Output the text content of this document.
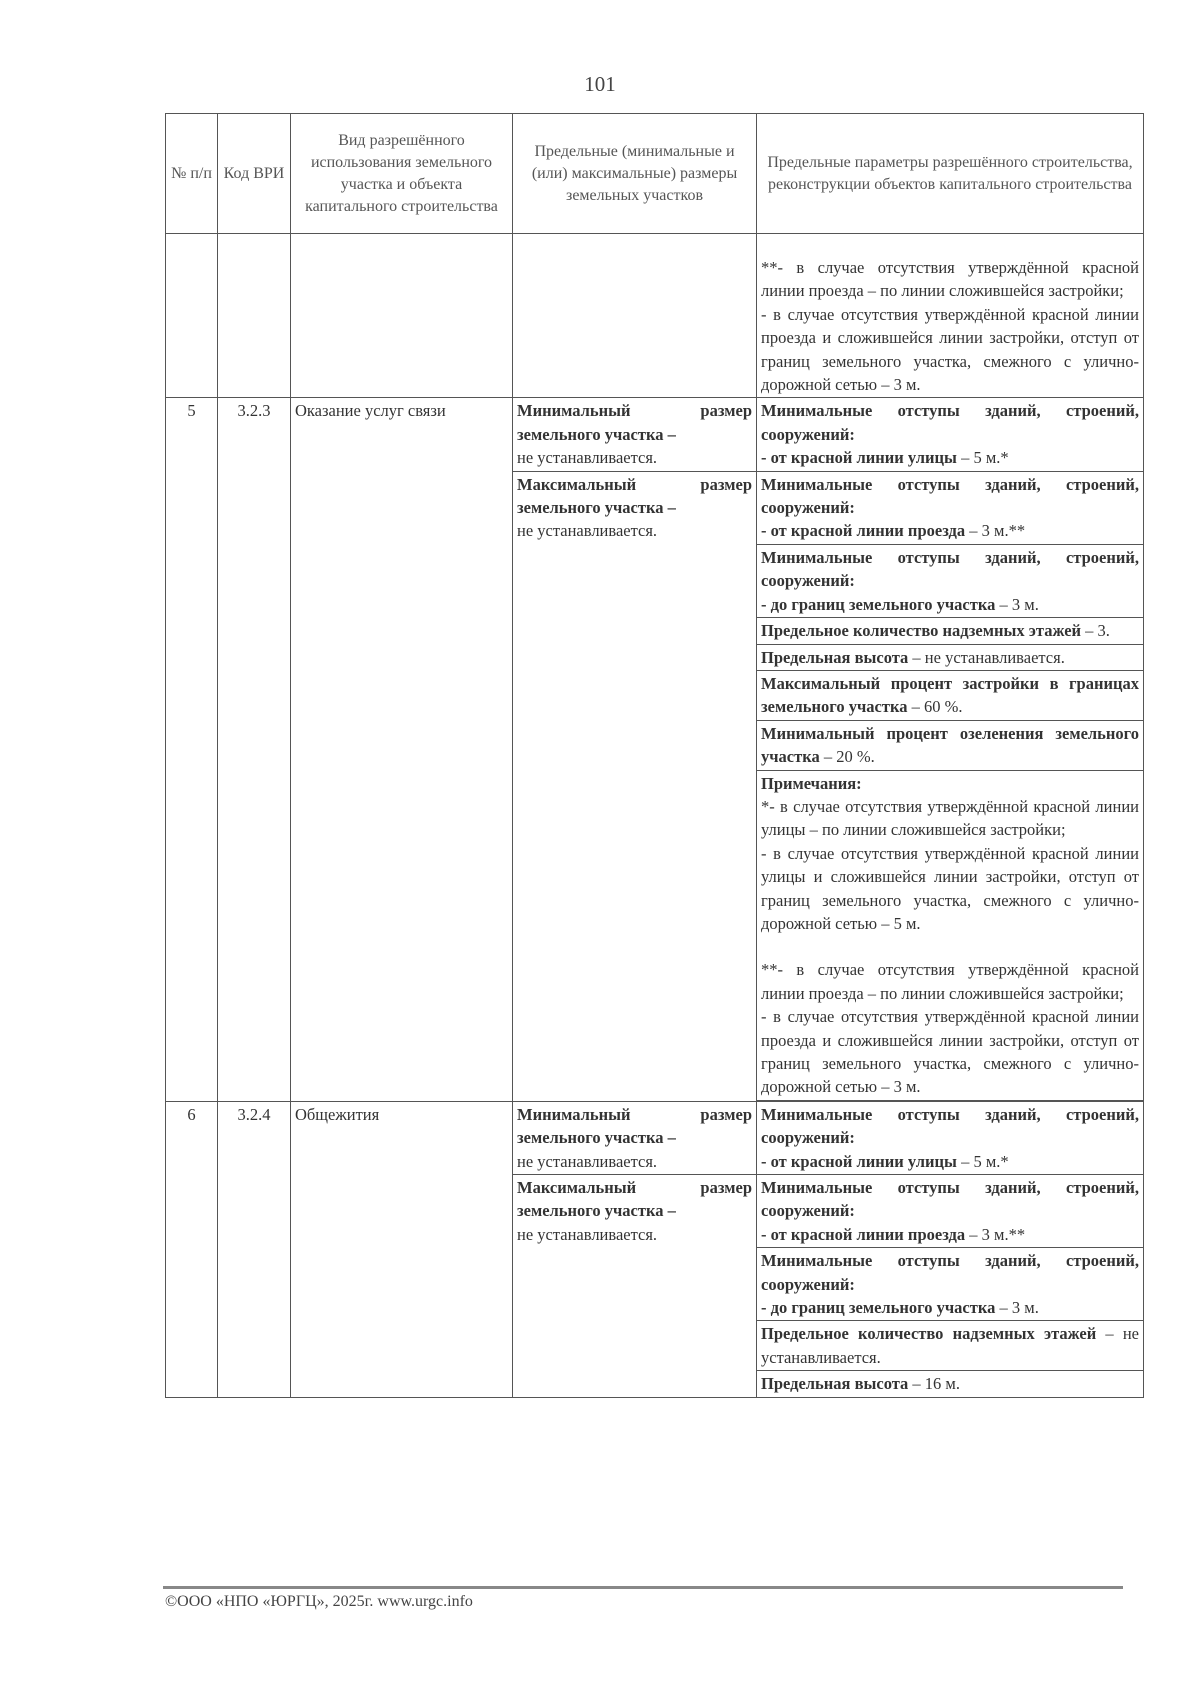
101
№ п/п	Код ВРИ	Вид разрешённого использования земельного участка и объекта капитального строительства	Предельные (минимальные и (или) максимальные) размеры земельных участков	Предельные параметры разрешённого строительства, реконструкции объектов капитального строительства

				**- в случае отсутствия утверждённой красной линии проезда – по линии сложившейся застройки;
- в случае отсутствия утверждённой красной линии проезда и сложившейся линии застройки, отступ от границ земельного участка, смежного с улично-дорожной сетью – 3 м.

5	3.2.3	Оказание услуг связи	Минимальный размер земельного участка –
не устанавливается.	Минимальные отступы зданий, строений, сооружений:
- от красной линии улицы – 5 м.*
			Максимальный размер земельного участка –
не устанавливается.	Минимальные отступы зданий, строений, сооружений:
- от красной линии проезда – 3 м.**
				Минимальные отступы зданий, строений, сооружений:
- до границ земельного участка – 3 м.
				Предельное количество надземных этажей – 3.
				Предельная высота – не устанавливается.
				Максимальный процент застройки в границах земельного участка – 60 %.
				Минимальный процент озеленения земельного участка – 20 %.

				Примечания:
*- в случае отсутствия утверждённой красной линии улицы – по линии сложившейся застройки;
- в случае отсутствия утверждённой красной линии улицы и сложившейся линии застройки, отступ от границ земельного участка, смежного с улично-дорожной сетью – 5 м.
**- в случае отсутствия утверждённой красной линии проезда – по линии сложившейся застройки;
- в случае отсутствия утверждённой красной линии проезда и сложившейся линии застройки, отступ от границ земельного участка, смежного с улично-дорожной сетью – 3 м.

6	3.2.4	Общежития	Минимальный размер земельного участка –
не устанавливается.	Минимальные отступы зданий, строений, сооружений:
- от красной линии улицы – 5 м.*
			Максимальный размер земельного участка –
не устанавливается.	Минимальные отступы зданий, строений, сооружений:
- от красной линии проезда – 3 м.**
				Минимальные отступы зданий, строений, сооружений:
- до границ земельного участка – 3 м.
				Предельное количество надземных этажей – не устанавливается.
				Предельная высота – 16 м.
©ООО «НПО «ЮРГЦ», 2025г. www.urgc.info
